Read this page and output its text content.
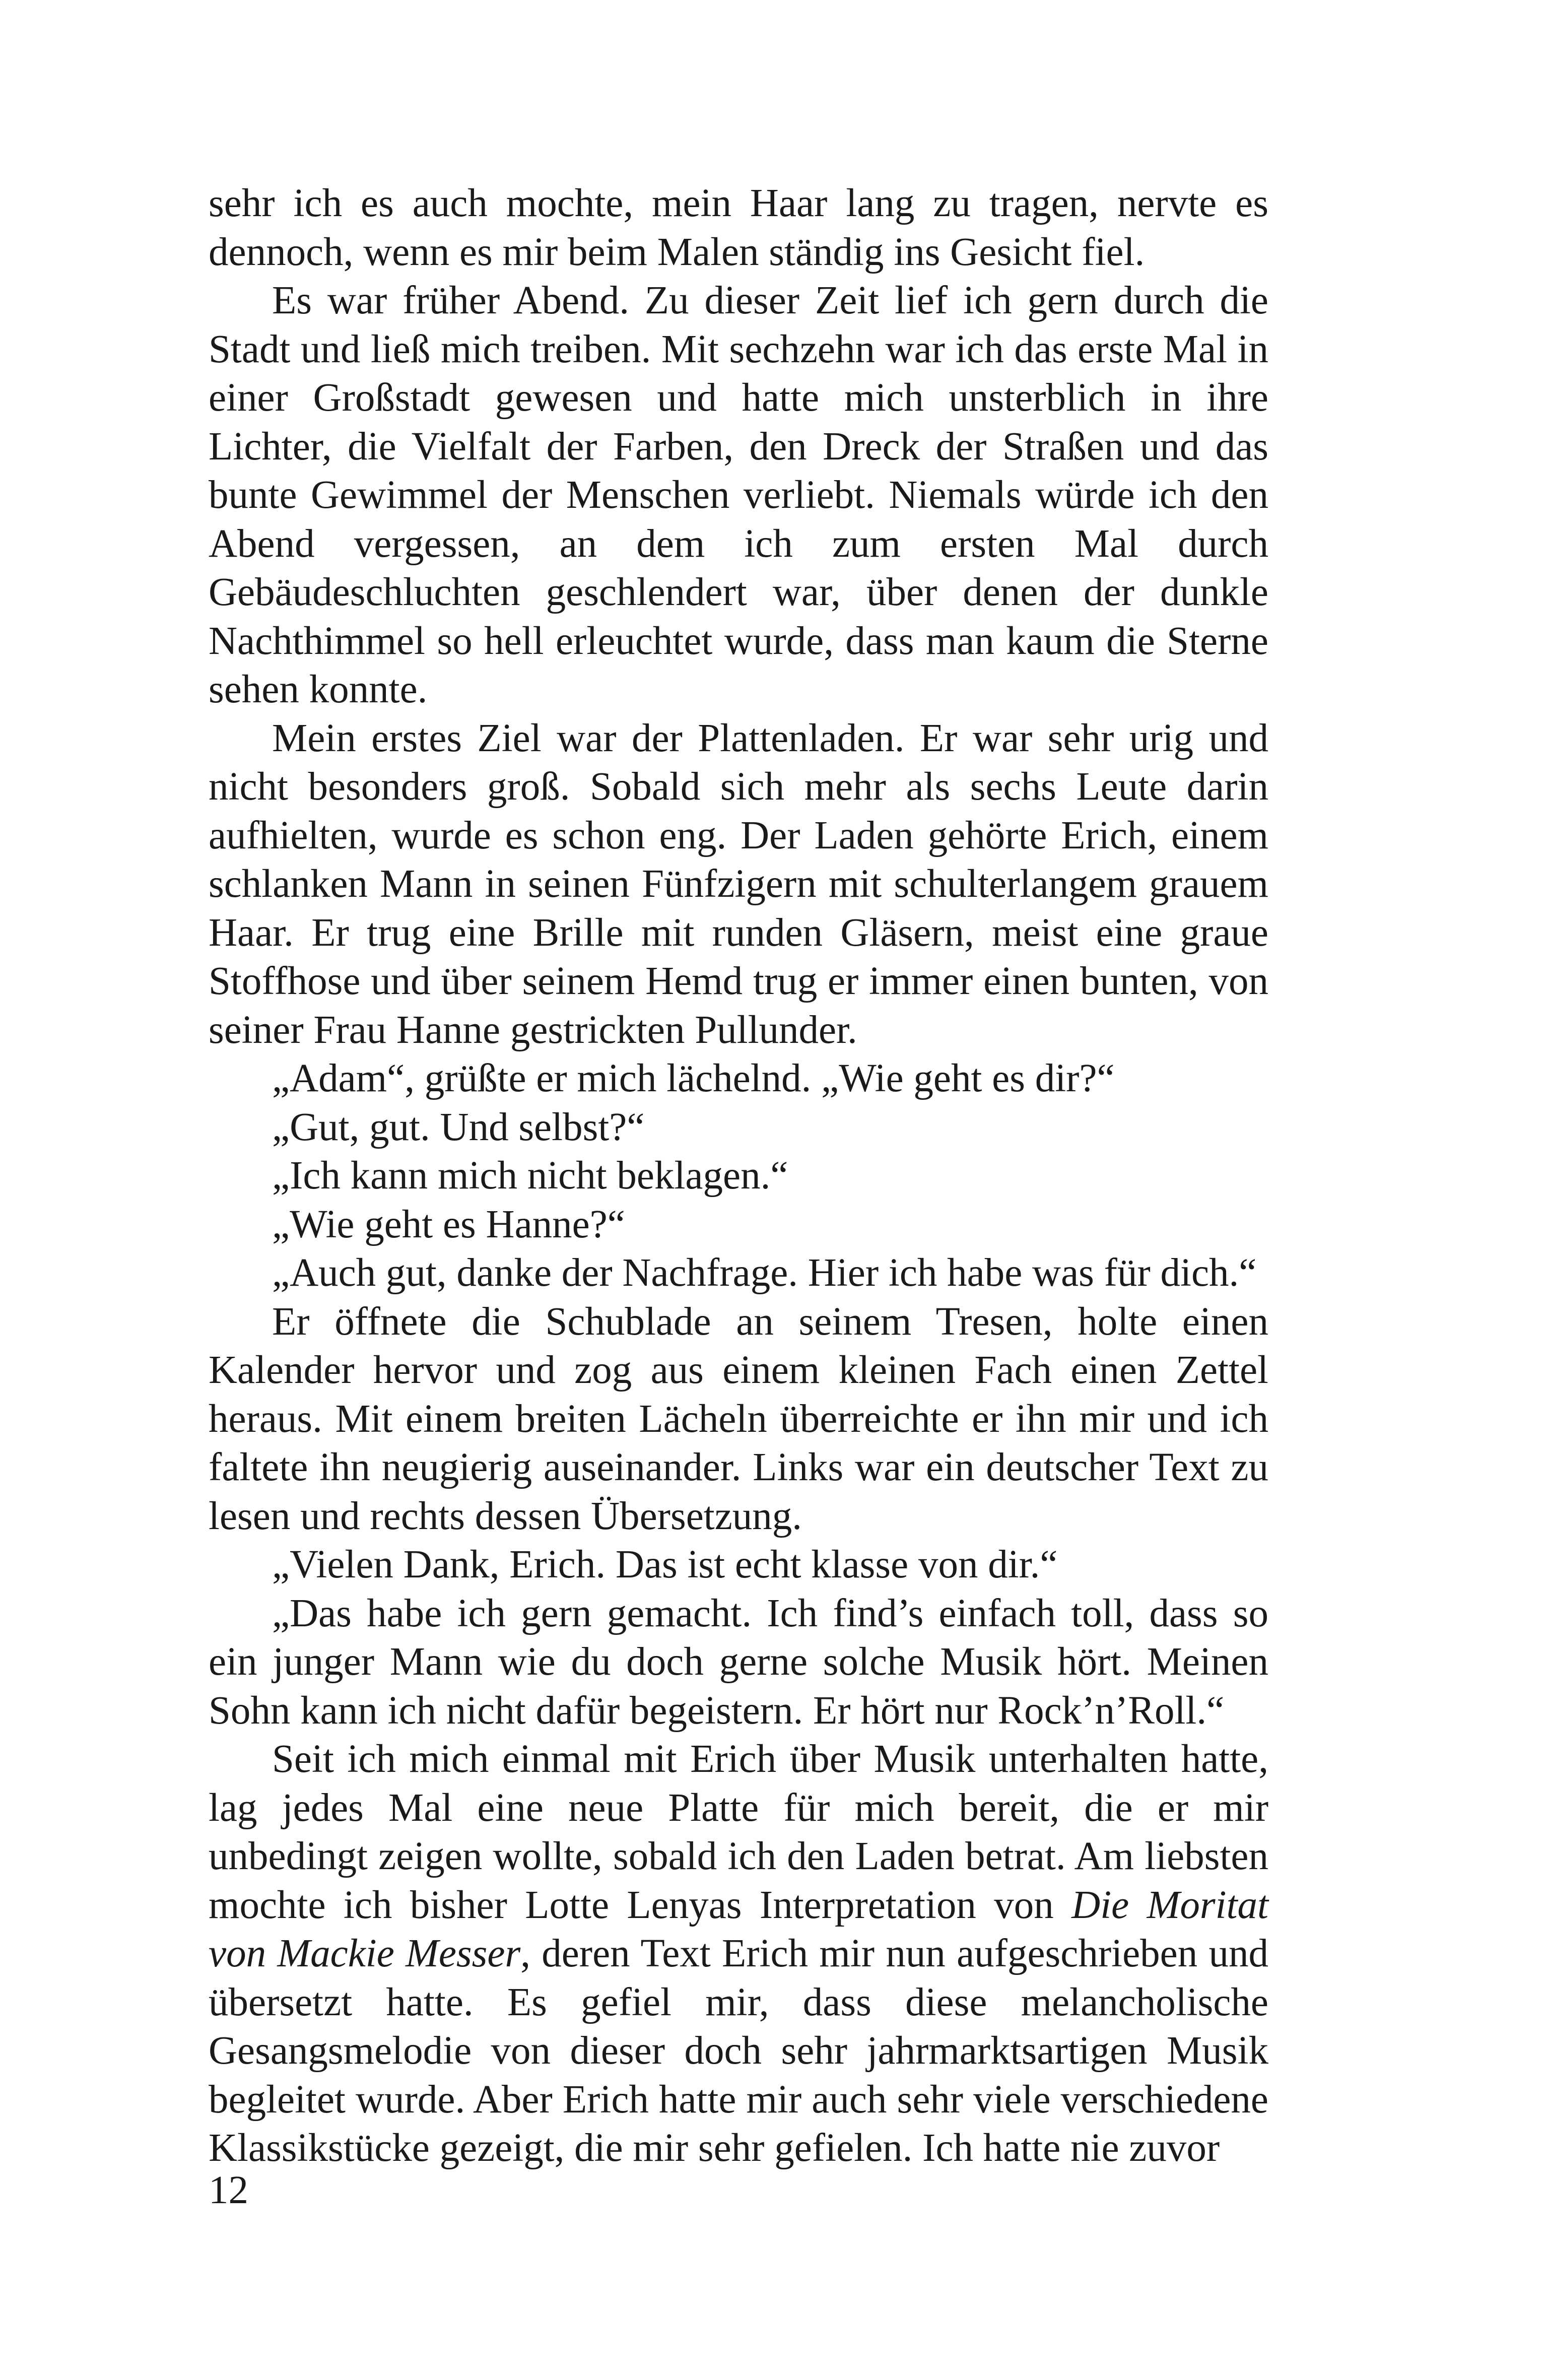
sehr ich es auch mochte, mein Haar lang zu tragen, nervte es dennoch, wenn es mir beim Malen ständig ins Gesicht fiel.

Es war früher Abend. Zu dieser Zeit lief ich gern durch die Stadt und ließ mich treiben. Mit sechzehn war ich das erste Mal in einer Großstadt gewesen und hatte mich unsterblich in ihre Lichter, die Vielfalt der Farben, den Dreck der Straßen und das bunte Gewimmel der Menschen verliebt. Niemals würde ich den Abend vergessen, an dem ich zum ersten Mal durch Gebäudeschluchten geschlendert war, über denen der dunkle Nachthimmel so hell erleuchtet wurde, dass man kaum die Sterne sehen konnte.

Mein erstes Ziel war der Plattenladen. Er war sehr urig und nicht besonders groß. Sobald sich mehr als sechs Leute darin aufhielten, wurde es schon eng. Der Laden gehörte Erich, einem schlanken Mann in seinen Fünfzigern mit schulterlangem grauem Haar. Er trug eine Brille mit runden Gläsern, meist eine graue Stoffhose und über seinem Hemd trug er immer einen bunten, von seiner Frau Hanne gestrickten Pullunder.

„Adam“, grüßte er mich lächelnd. „Wie geht es dir?“

„Gut, gut. Und selbst?“

„Ich kann mich nicht beklagen.“

„Wie geht es Hanne?“

„Auch gut, danke der Nachfrage. Hier ich habe was für dich.“

Er öffnete die Schublade an seinem Tresen, holte einen Kalender hervor und zog aus einem kleinen Fach einen Zettel heraus. Mit einem breiten Lächeln überreichte er ihn mir und ich faltete ihn neugierig auseinander. Links war ein deutscher Text zu lesen und rechts dessen Übersetzung.

„Vielen Dank, Erich. Das ist echt klasse von dir.“

„Das habe ich gern gemacht. Ich find’s einfach toll, dass so ein junger Mann wie du doch gerne solche Musik hört. Meinen Sohn kann ich nicht dafür begeistern. Er hört nur Rock’n’Roll.“

Seit ich mich einmal mit Erich über Musik unterhalten hatte, lag jedes Mal eine neue Platte für mich bereit, die er mir unbedingt zeigen wollte, sobald ich den Laden betrat. Am liebsten mochte ich bisher Lotte Lenyas Interpretation von Die Moritat von Mackie Messer, deren Text Erich mir nun aufgeschrieben und übersetzt hatte. Es gefiel mir, dass diese melancholische Gesangsmelodie von dieser doch sehr jahrmarktsartigen Musik begleitet wurde. Aber Erich hatte mir auch sehr viele verschiedene Klassikstücke gezeigt, die mir sehr gefielen. Ich hatte nie zuvor

12
